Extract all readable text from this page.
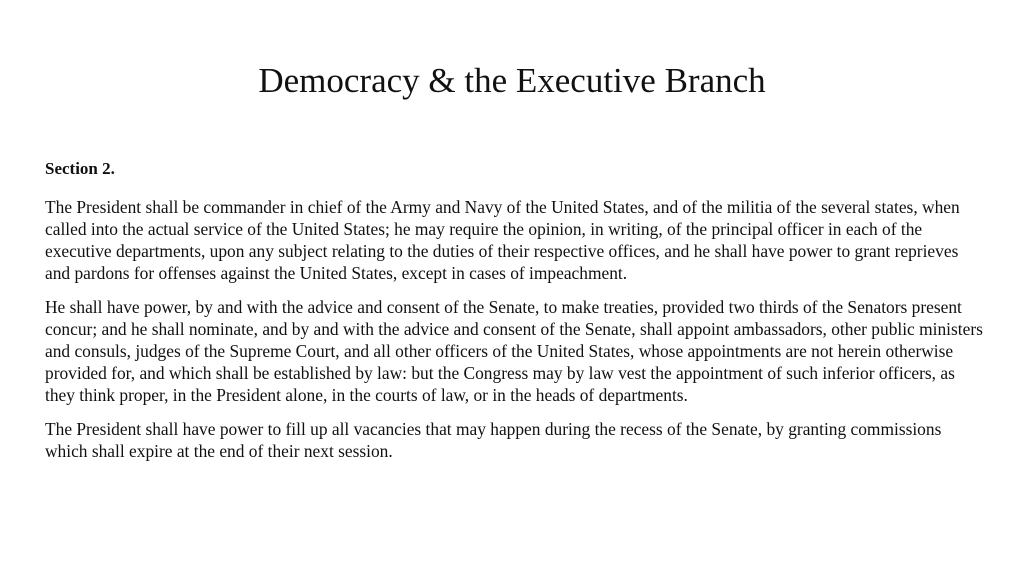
Democracy & the Executive Branch
Section 2.

The President shall be commander in chief of the Army and Navy of the United States, and of the militia of the several states, when called into the actual service of the United States; he may require the opinion, in writing, of the principal officer in each of the executive departments, upon any subject relating to the duties of their respective offices, and he shall have power to grant reprieves and pardons for offenses against the United States, except in cases of impeachment.

He shall have power, by and with the advice and consent of the Senate, to make treaties, provided two thirds of the Senators present concur; and he shall nominate, and by and with the advice and consent of the Senate, shall appoint ambassadors, other public ministers and consuls, judges of the Supreme Court, and all other officers of the United States, whose appointments are not herein otherwise provided for, and which shall be established by law: but the Congress may by law vest the appointment of such inferior officers, as they think proper, in the President alone, in the courts of law, or in the heads of departments.

The President shall have power to fill up all vacancies that may happen during the recess of the Senate, by granting commissions which shall expire at the end of their next session.
